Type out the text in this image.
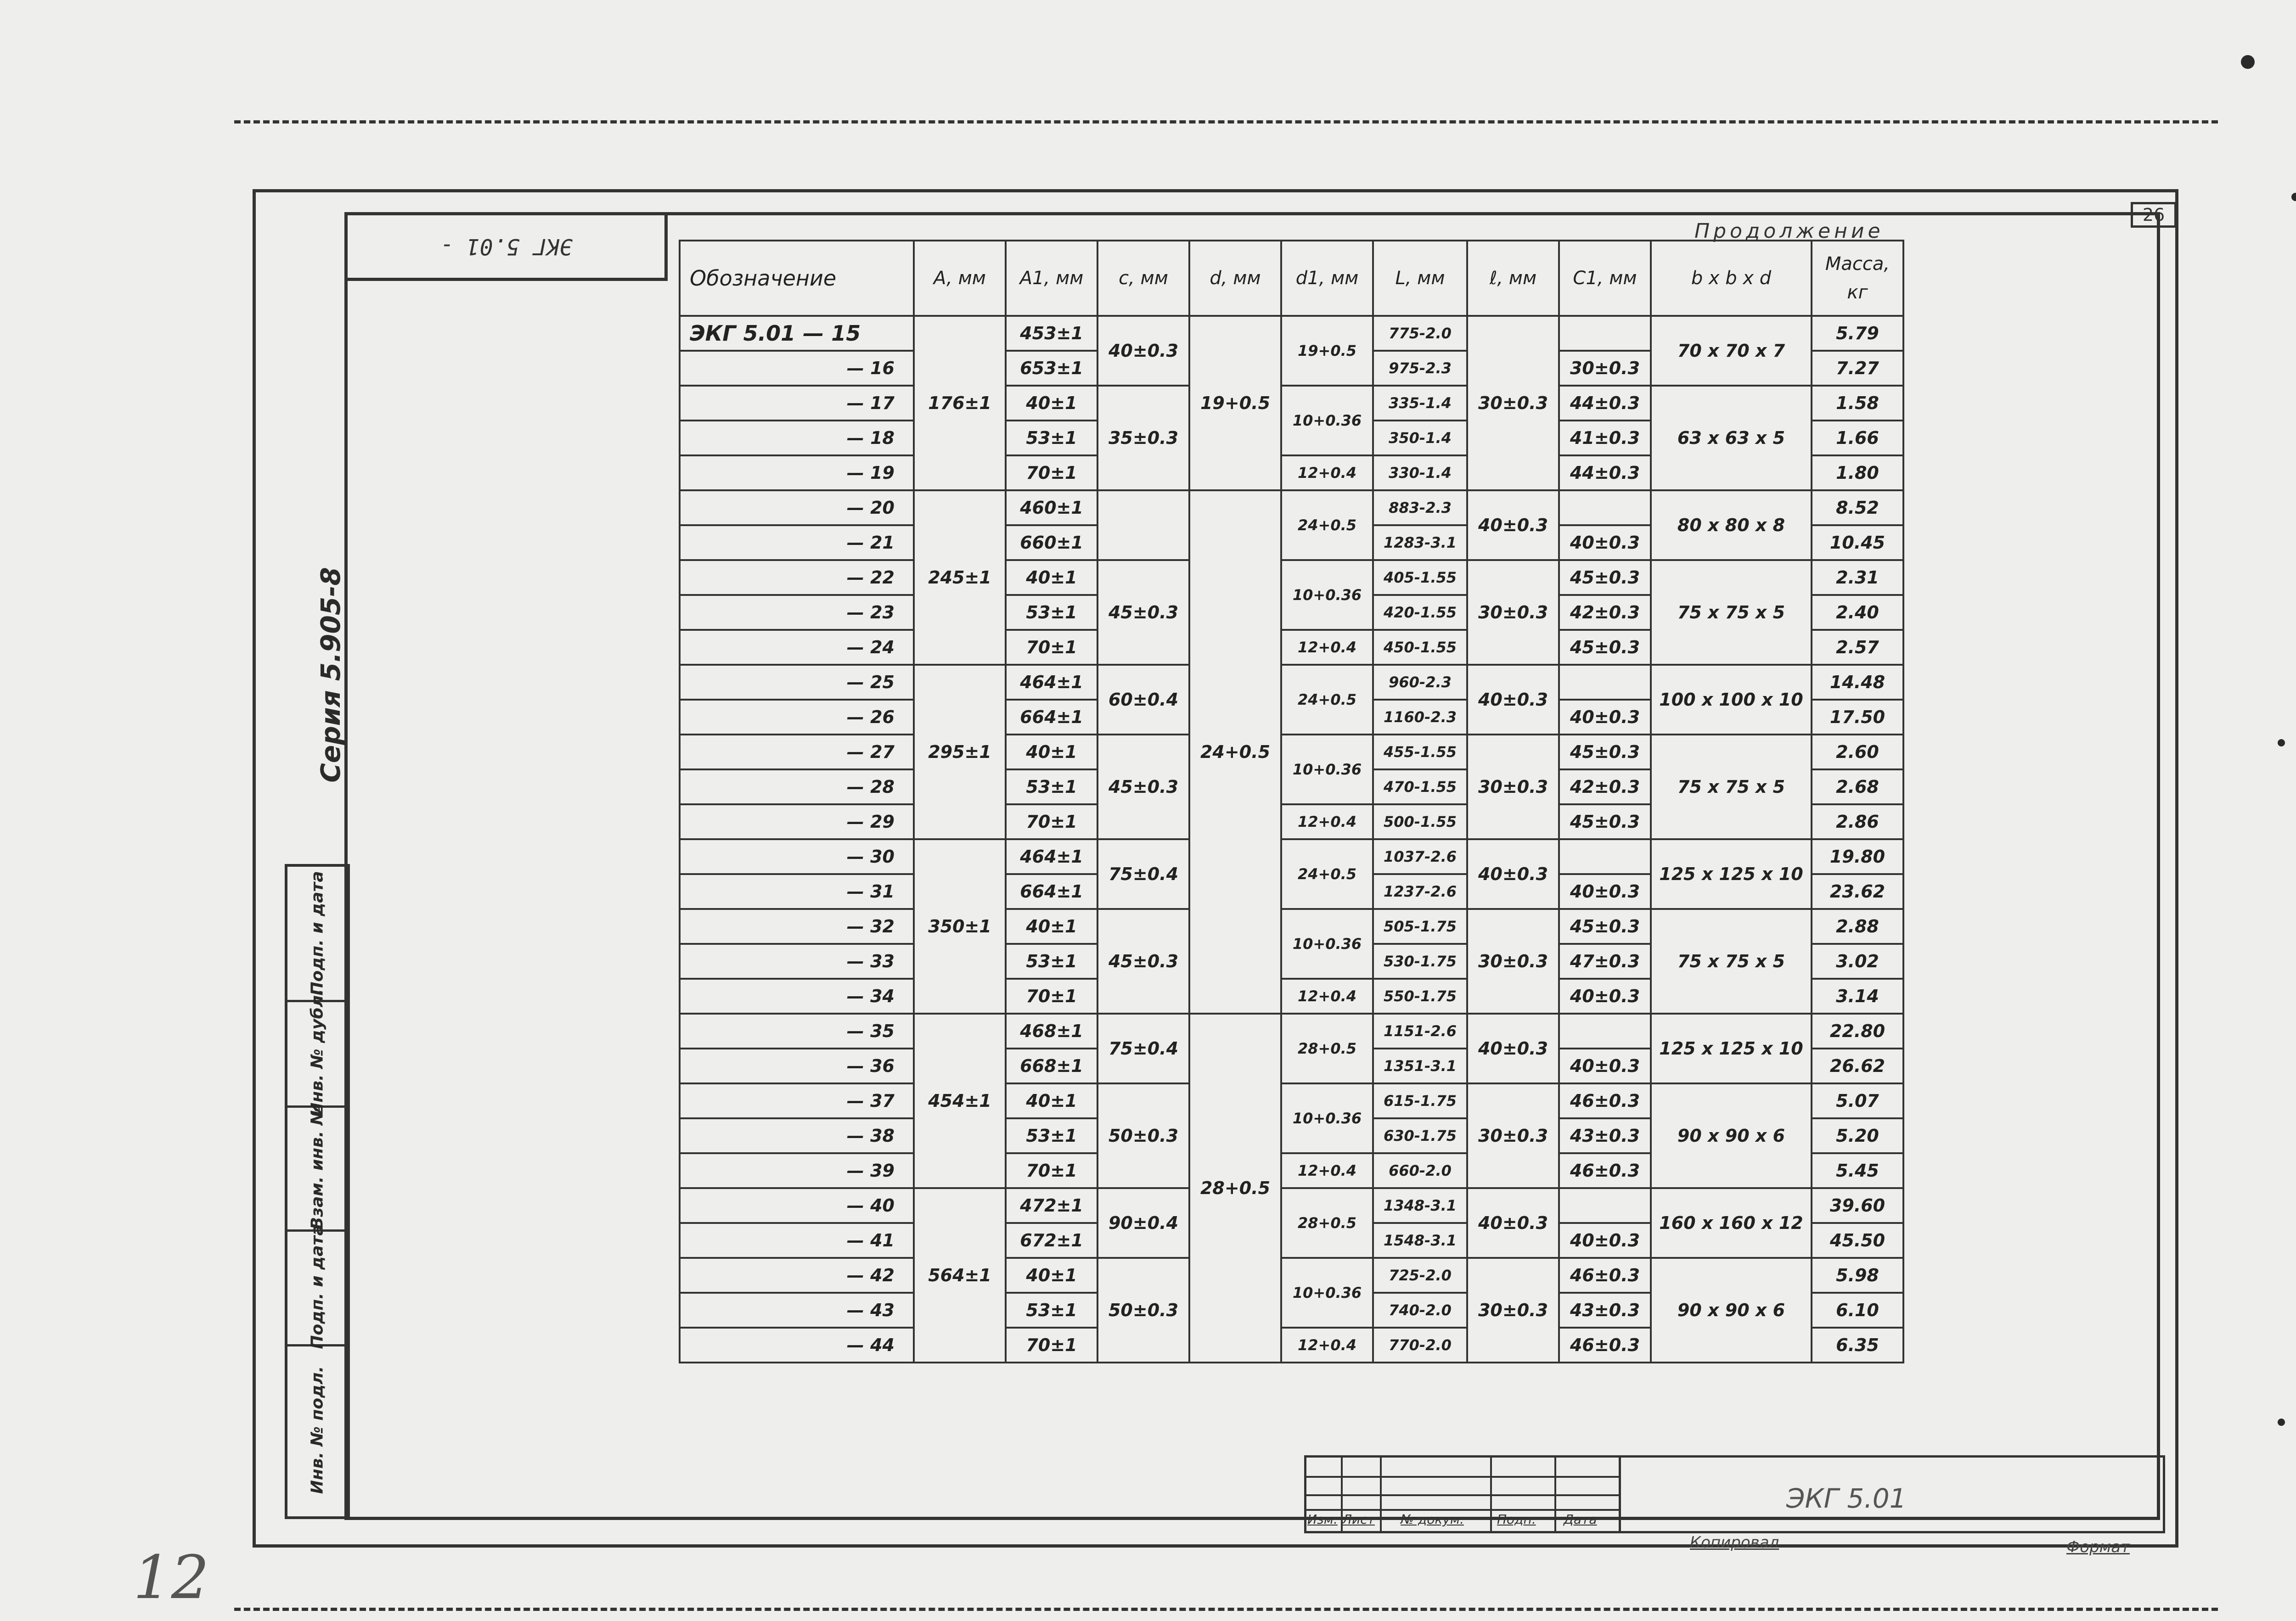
ЭКГ 5.01 -
Серия 5.905-8
Подп. и дата
Инв. № дубл.
Взам. инв. №
Подп. и дата
Инв. № подл.
Продолжение
26
Обозначение	A, мм	A1, мм	c, мм	d, мм	d1, мм	L, мм	ℓ, мм	C1, мм	b x b x d	Масса, кг
ЭКГ 5.01 — 15	176±1	453±1	40±0.3	19+0.5	19+0.5	775-2.0	30±0.3		70 x 70 x 7	5.79
— 16		653±1				975-2.3		30±0.3		7.27
— 17		40±1	35±0.3		10+0.36	335-1.4		44±0.3	63 x 63 x 5	1.58
— 18		53±1				350-1.4		41±0.3		1.66
— 19		70±1			12+0.4	330-1.4		44±0.3		1.80
— 20	245±1	460±1		24+0.5	24+0.5	883-2.3	40±0.3		80 x 80 x 8	8.52
— 21		660±1				1283-3.1		40±0.3		10.45
— 22		40±1	45±0.3		10+0.36	405-1.55	30±0.3	45±0.3	75 x 75 x 5	2.31
— 23		53±1				420-1.55		42±0.3		2.40
— 24		70±1			12+0.4	450-1.55		45±0.3		2.57
— 25	295±1	464±1	60±0.4		24+0.5	960-2.3	40±0.3		100 x 100 x 10	14.48
— 26		664±1				1160-2.3		40±0.3		17.50
— 27		40±1	45±0.3		10+0.36	455-1.55	30±0.3	45±0.3	75 x 75 x 5	2.60
— 28		53±1				470-1.55		42±0.3		2.68
— 29		70±1			12+0.4	500-1.55		45±0.3		2.86
— 30	350±1	464±1	75±0.4		24+0.5	1037-2.6	40±0.3		125 x 125 x 10	19.80
— 31		664±1				1237-2.6		40±0.3		23.62
— 32		40±1	45±0.3		10+0.36	505-1.75	30±0.3	45±0.3	75 x 75 x 5	2.88
— 33		53±1				530-1.75		47±0.3		3.02
— 34		70±1			12+0.4	550-1.75		40±0.3		3.14
— 35	454±1	468±1	75±0.4	28+0.5	28+0.5	1151-2.6	40±0.3		125 x 125 x 10	22.80
— 36		668±1				1351-3.1		40±0.3		26.62
— 37		40±1	50±0.3		10+0.36	615-1.75	30±0.3	46±0.3	90 x 90 x 6	5.07
— 38		53±1				630-1.75		43±0.3		5.20
— 39		70±1			12+0.4	660-2.0		46±0.3		5.45
— 40	564±1	472±1	90±0.4		28+0.5	1348-3.1	40±0.3		160 x 160 x 12	39.60
— 41		672±1				1548-3.1		40±0.3		45.50
— 42		40±1	50±0.3		10+0.36	725-2.0	30±0.3	46±0.3	90 x 90 x 6	5.98
— 43		53±1				740-2.0		43±0.3		6.10
— 44		70±1			12+0.4	770-2.0		46±0.3		6.35
Изм. Лист № докум.	Подп. Дата
ЭКГ 5.01
Копировал	Формат
12
